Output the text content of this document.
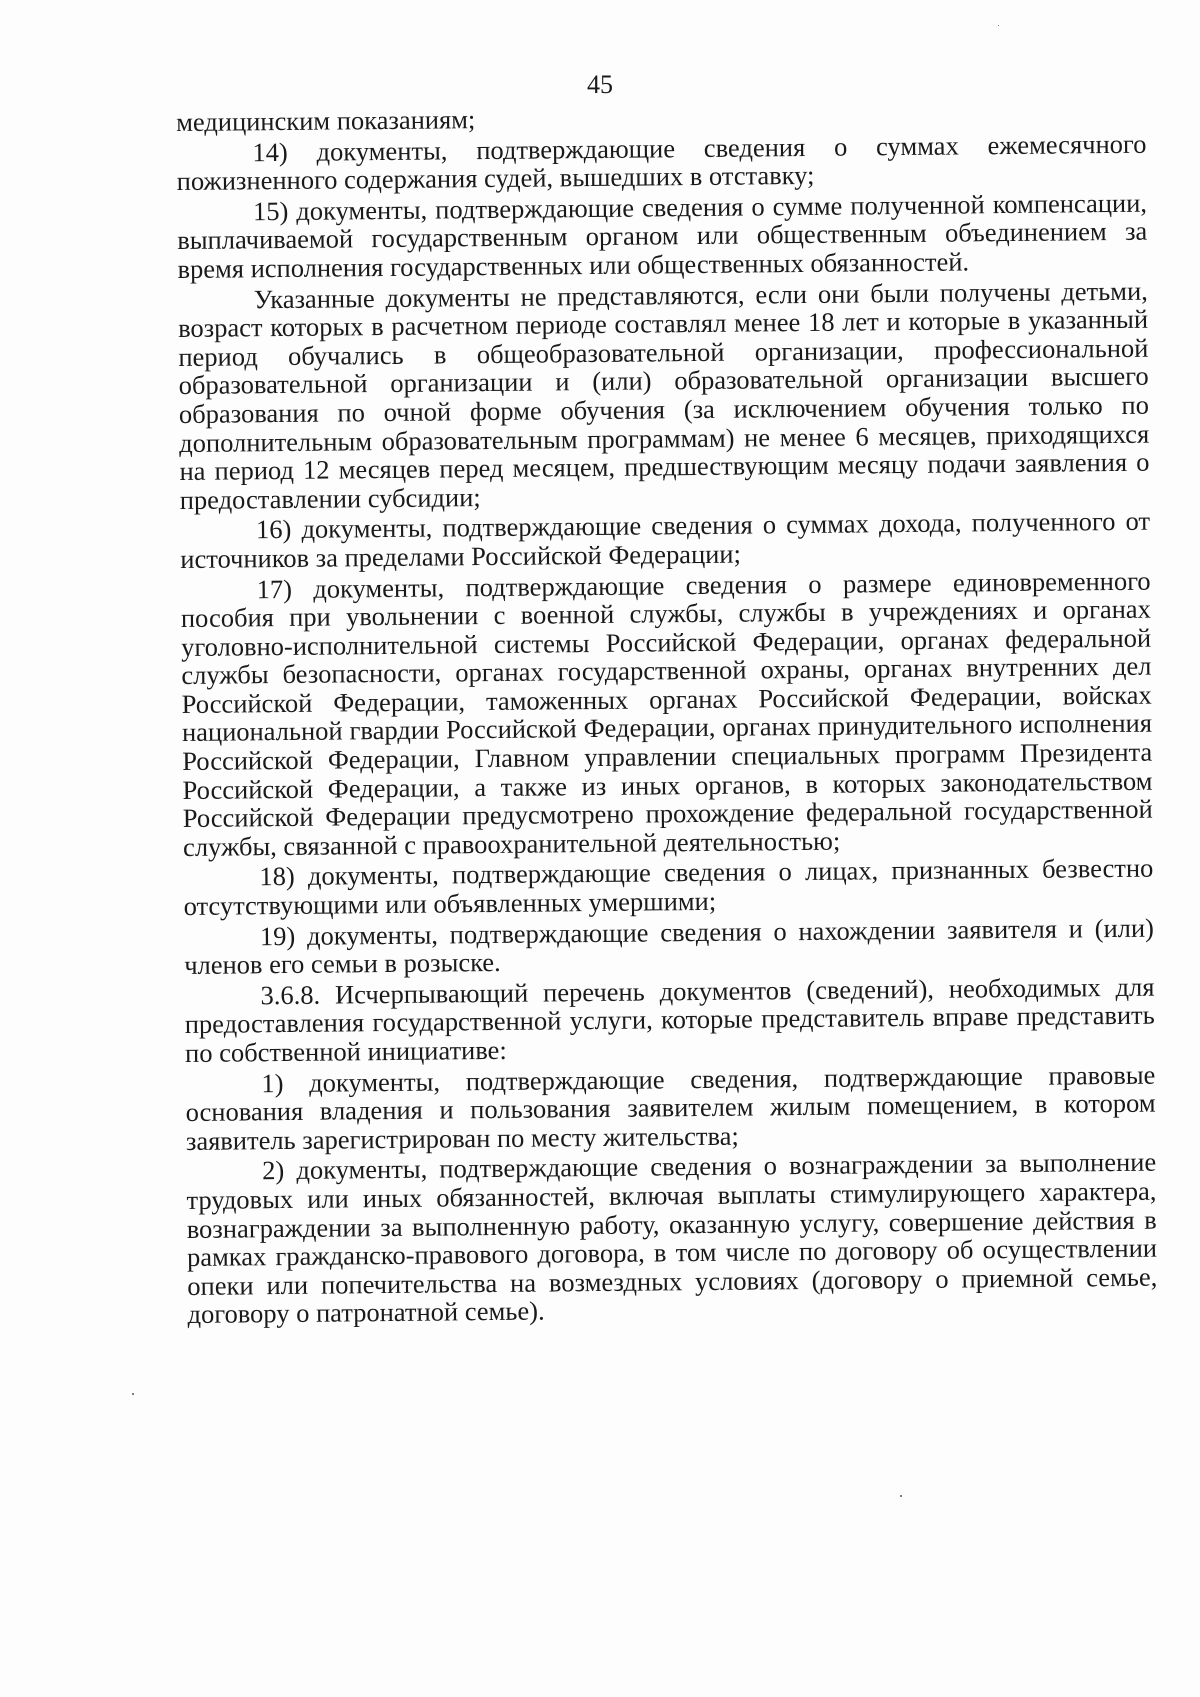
45

медицинским показаниям;

14) документы, подтверждающие сведения о суммах ежемесячного пожизненного содержания судей, вышедших в отставку;

15) документы, подтверждающие сведения о сумме полученной компенсации, выплачиваемой государственным органом или общественным объединением за время исполнения государственных или общественных обязанностей.

Указанные документы не представляются, если они были получены детьми, возраст которых в расчетном периоде составлял менее 18 лет и которые в указанный период обучались в общеобразовательной организации, профессиональной образовательной организации и (или) образовательной организации высшего образования по очной форме обучения (за исключением обучения только по дополнительным образовательным программам) не менее 6 месяцев, приходящихся на период 12 месяцев перед месяцем, предшествующим месяцу подачи заявления о предоставлении субсидии;

16) документы, подтверждающие сведения о суммах дохода, полученного от источников за пределами Российской Федерации;

17) документы, подтверждающие сведения о размере единовременного пособия при увольнении с военной службы, службы в учреждениях и органах уголовно-исполнительной системы Российской Федерации, органах федеральной службы безопасности, органах государственной охраны, органах внутренних дел Российской Федерации, таможенных органах Российской Федерации, войсках национальной гвардии Российской Федерации, органах принудительного исполнения Российской Федерации, Главном управлении специальных программ Президента Российской Федерации, а также из иных органов, в которых законодательством Российской Федерации предусмотрено прохождение федеральной государственной службы, связанной с правоохранительной деятельностью;

18) документы, подтверждающие сведения о лицах, признанных безвестно отсутствующими или объявленных умершими;

19) документы, подтверждающие сведения о нахождении заявителя и (или) членов его семьи в розыске.

3.6.8. Исчерпывающий перечень документов (сведений), необходимых для предоставления государственной услуги, которые представитель вправе представить по собственной инициативе:

1) документы, подтверждающие сведения, подтверждающие правовые основания владения и пользования заявителем жилым помещением, в котором заявитель зарегистрирован по месту жительства;

2) документы, подтверждающие сведения о вознаграждении за выполнение трудовых или иных обязанностей, включая выплаты стимулирующего характера, вознаграждении за выполненную работу, оказанную услугу, совершение действия в рамках гражданско-правового договора, в том числе по договору об осуществлении опеки или попечительства на возмездных условиях (договору о приемной семье, договору о патронатной семье).
